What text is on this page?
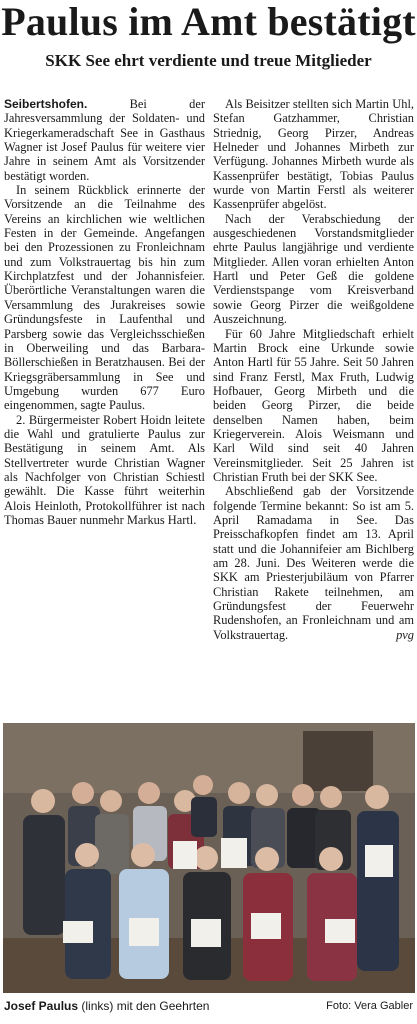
Paulus im Amt bestätigt
SKK See ehrt verdiente und treue Mitglieder

Seibertshofen.	Bei der Jahresversammlung der Soldaten- und Kriegerkameradschaft See in Gasthaus Wagner ist Josef Paulus für weitere vier Jahre in seinem Amt als Vorsitzender bestätigt worden.

In seinem Rückblick erinnerte der Vorsitzende an die Teilnahme des Vereins an kirchlichen wie weltlichen Festen in der Gemeinde. Angefangen bei den Prozessionen zu Fronleichnam und zum Volkstrauertag bis hin zum Kirchplatzfest und der Johannisfeier. Überörtliche Veranstaltungen waren die Versammlung des Jurakreises sowie Gründungsfeste in Laufenthal und Parsberg sowie das Vergleichsschießen in Oberweiling und das Barbara-Böllerschießen in Beratzhausen. Bei der Kriegsgräbersammlung in See und Umgebung wurden 677 Euro eingenommen, sagte Paulus.

2. Bürgermeister Robert Hoidn leitete die Wahl und gratulierte Paulus zur Bestätigung in seinem Amt. Als Stellvertreter wurde Christian Wagner als Nachfolger von Christian Schiestl gewählt. Die Kasse führt weiterhin Alois Heinloth, Protokollführer ist nach Thomas Bauer nunmehr Markus Hartl.

Als Beisitzer stellten sich Martin Uhl, Stefan Gatzhammer, Christian Striednig, Georg Pirzer, Andreas Helneder und Johannes Mirbeth zur Verfügung. Johannes Mirbeth wurde als Kassenprüfer bestätigt, Tobias Paulus wurde von Martin Ferstl als weiterer Kassenprüfer abgelöst.

Nach der Verabschiedung der ausgeschiedenen Vorstandsmitglieder ehrte Paulus langjährige und verdiente Mitglieder. Allen voran erhielten Anton Hartl und Peter Geß die goldene Verdienstspange vom Kreisverband sowie Georg Pirzer die weißgoldene Auszeichnung.

Für 60 Jahre Mitgliedschaft erhielt Martin Brock eine Urkunde sowie Anton Hartl für 55 Jahre. Seit 50 Jahren sind Franz Ferstl, Max Fruth, Ludwig Hofbauer, Georg Mirbeth und die beiden Georg Pirzer, die beide denselben Namen haben, beim Kriegerverein. Alois Weismann und Karl Wild sind seit 40 Jahren Vereinsmitglieder. Seit 25 Jahren ist Christian Fruth bei der SKK See.

Abschließend gab der Vorsitzende folgende Termine bekannt: So ist am 5. April Ramadama in See. Das Preisschafkopfen findet am 13. April statt und die Johannifeier am Bichlberg am 28. Juni. Des Weiteren werde die SKK am Priesterjubiläum von Pfarrer Christian Rakete teilnehmen, am Gründungsfest der Feuerwehr Rudenshofen, an Fronleichnam und am Volkstrauertag.	pvg

Josef Paulus (links) mit den Geehrten	Foto: Vera Gabler
